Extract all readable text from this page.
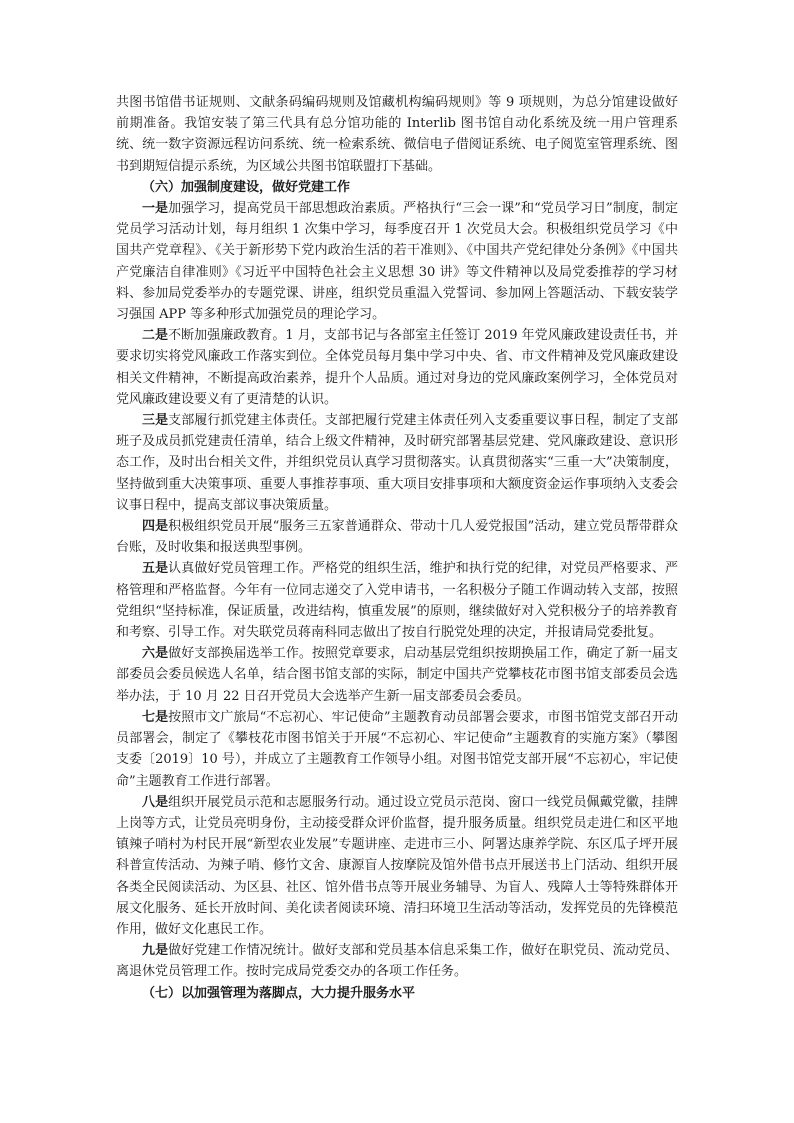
共图书馆借书证规则、文献条码编码规则及馆藏机构编码规则》等 9 项规则，为总分馆建设做好前期准备。我馆安装了第三代具有总分馆功能的 Interlib 图书馆自动化系统及统一用户管理系统、统一数字资源远程访问系统、统一检索系统、微信电子借阅证系统、电子阅览室管理系统、图书到期短信提示系统，为区域公共图书馆联盟打下基础。

（六）加强制度建设，做好党建工作

一是加强学习，提高党员干部思想政治素质。严格执行“三会一课”和“党员学习日”制度，制定党员学习活动计划，每月组织 1 次集中学习，每季度召开 1 次党员大会。积极组织党员学习《中国共产党章程》、《关于新形势下党内政治生活的若干准则》、《中国共产党纪律处分条例》《中国共产党廉洁自律准则》《习近平中国特色社会主义思想 30 讲》等文件精神以及局党委推荐的学习材料、参加局党委举办的专题党课、讲座，组织党员重温入党誓词、参加网上答题活动、下载安装学习强国 APP 等多种形式加强党员的理论学习。

二是不断加强廉政教育。1 月，支部书记与各部室主任签订 2019 年党风廉政建设责任书，并要求切实将党风廉政工作落实到位。全体党员每月集中学习中央、省、市文件精神及党风廉政建设相关文件精神，不断提高政治素养，提升个人品质。通过对身边的党风廉政案例学习，全体党员对党风廉政建设要义有了更清楚的认识。

三是支部履行抓党建主体责任。支部把履行党建主体责任列入支委重要议事日程，制定了支部班子及成员抓党建责任清单，结合上级文件精神，及时研究部署基层党建、党风廉政建设、意识形态工作，及时出台相关文件，并组织党员认真学习贯彻落实。认真贯彻落实“三重一大”决策制度，坚持做到重大决策事项、重要人事推荐事项、重大项目安排事项和大额度资金运作事项纳入支委会议事日程中，提高支部议事决策质量。

四是积极组织党员开展“服务三五家普通群众、带动十几人爱党报国”活动，建立党员帮带群众台账，及时收集和报送典型事例。

五是认真做好党员管理工作。严格党的组织生活，维护和执行党的纪律，对党员严格要求、严格管理和严格监督。今年有一位同志递交了入党申请书，一名积极分子随工作调动转入支部，按照党组织“坚持标准，保证质量，改进结构，慎重发展”的原则，继续做好对入党积极分子的培养教育和考察、引导工作。对失联党员蒋南科同志做出了按自行脱党处理的决定，并报请局党委批复。

六是做好支部换届选举工作。按照党章要求，启动基层党组织按期换届工作，确定了新一届支部委员会委员候选人名单，结合图书馆支部的实际，制定中国共产党攀枝花市图书馆支部委员会选举办法，于 10 月 22 日召开党员大会选举产生新一届支部委员会委员。

七是按照市文广旅局“不忘初心、牢记使命”主题教育动员部署会要求，市图书馆党支部召开动员部署会，制定了《攀枝花市图书馆关于开展“不忘初心、牢记使命”主题教育的实施方案》（攀图支委〔2019〕10 号），并成立了主题教育工作领导小组。对图书馆党支部开展“不忘初心，牢记使命”主题教育工作进行部署。

八是组织开展党员示范和志愿服务行动。通过设立党员示范岗、窗口一线党员佩戴党徽，挂牌上岗等方式，让党员亮明身份，主动接受群众评价监督，提升服务质量。组织党员走进仁和区平地镇辣子哨村为村民开展“新型农业发展”专题讲座、走进市三小、阿署达康养学院、东区瓜子坪开展科普宣传活动、为辣子哨、修竹文舍、康源盲人按摩院及馆外借书点开展送书上门活动、组织开展各类全民阅读活动、为区县、社区、馆外借书点等开展业务辅导、为盲人、残障人士等特殊群体开展文化服务、延长开放时间、美化读者阅读环境、清扫环境卫生活动等活动，发挥党员的先锋模范作用，做好文化惠民工作。

九是做好党建工作情况统计。做好支部和党员基本信息采集工作，做好在职党员、流动党员、离退休党员管理工作。按时完成局党委交办的各项工作任务。

（七）以加强管理为落脚点，大力提升服务水平
